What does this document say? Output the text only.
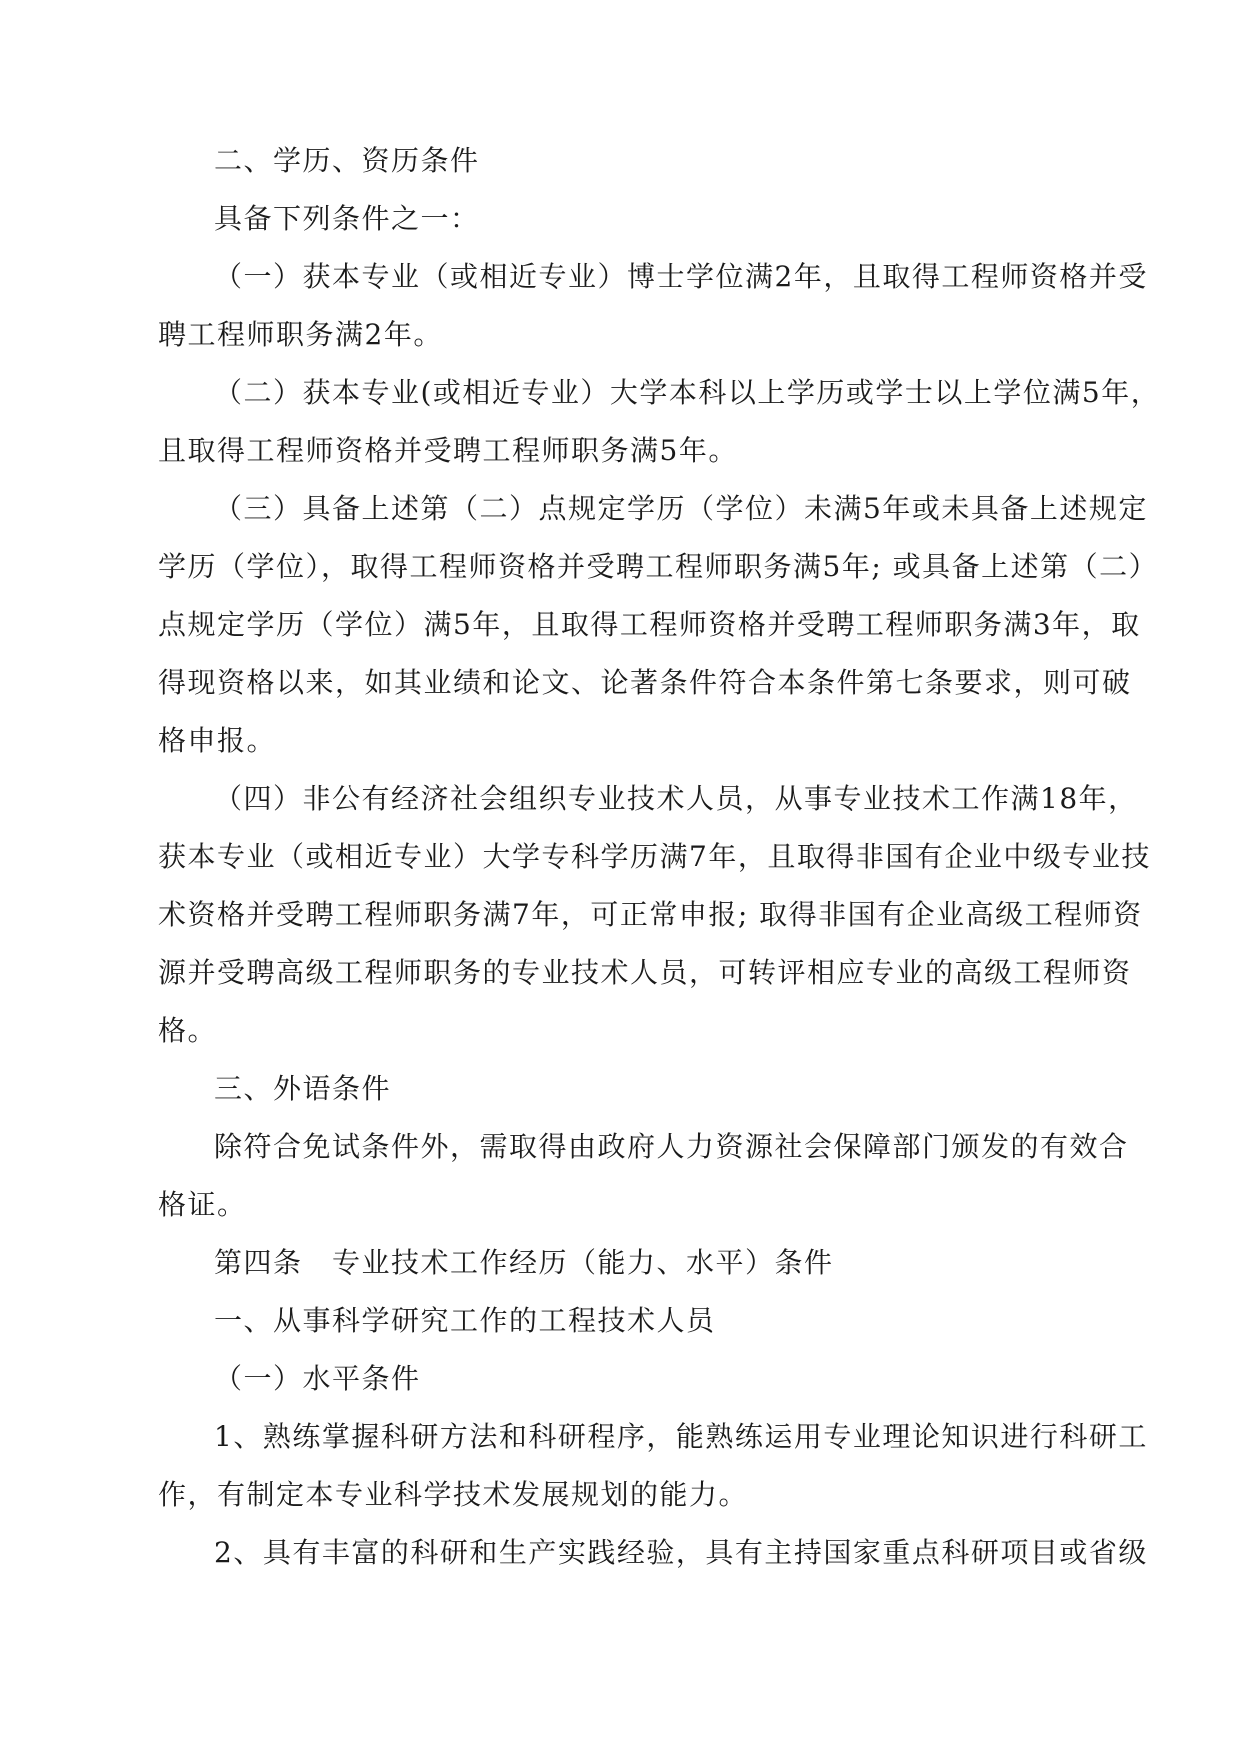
二、学历、资历条件

具备下列条件之一：

（一）获本专业（或相近专业）博士学位满2年，且取得工程师资格并受
聘工程师职务满2年。

（二）获本专业(或相近专业）大学本科以上学历或学士以上学位满5年，
且取得工程师资格并受聘工程师职务满5年。

（三）具备上述第（二）点规定学历（学位）未满5年或未具备上述规定
学历（学位），取得工程师资格并受聘工程师职务满5年; 或具备上述第（二）
点规定学历（学位）满5年，且取得工程师资格并受聘工程师职务满3年，取
得现资格以来，如其业绩和论文、论著条件符合本条件第七条要求，则可破
格申报。

（四）非公有经济社会组织专业技术人员，从事专业技术工作满18年，
获本专业（或相近专业）大学专科学历满7年，且取得非国有企业中级专业技
术资格并受聘工程师职务满7年，可正常申报; 取得非国有企业高级工程师资
源并受聘高级工程师职务的专业技术人员，可转评相应专业的高级工程师资
格。

三、外语条件

除符合免试条件外，需取得由政府人力资源社会保障部门颁发的有效合
格证。

第四条　专业技术工作经历（能力、水平）条件

一、从事科学研究工作的工程技术人员

（一）水平条件

1、熟练掌握科研方法和科研程序，能熟练运用专业理论知识进行科研工
作，有制定本专业科学技术发展规划的能力。

2、具有丰富的科研和生产实践经验，具有主持国家重点科研项目或省级
